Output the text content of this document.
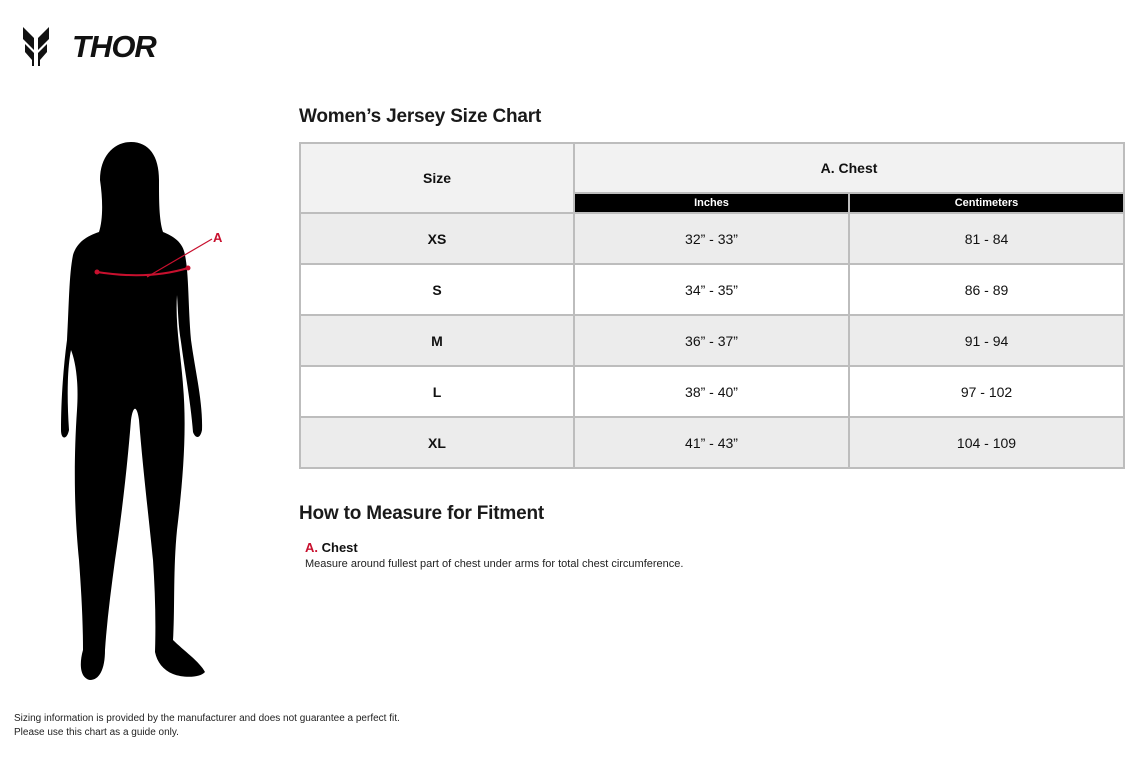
THOR
A
Women’s Jersey Size Chart
Size	A. Chest	
	Inches	Centimeters
XS	32” - 33”	81 - 84
S	34” - 35”	86 - 89
M	36” - 37”	91 - 94
L	38” - 40”	97 - 102
XL	41” - 43”	104 - 109
How to Measure for Fitment
A. Chest
Measure around fullest part of chest under arms for total chest circumference.
Sizing information is provided by the manufacturer and does not guarantee a perfect fit.
Please use this chart as a guide only.
